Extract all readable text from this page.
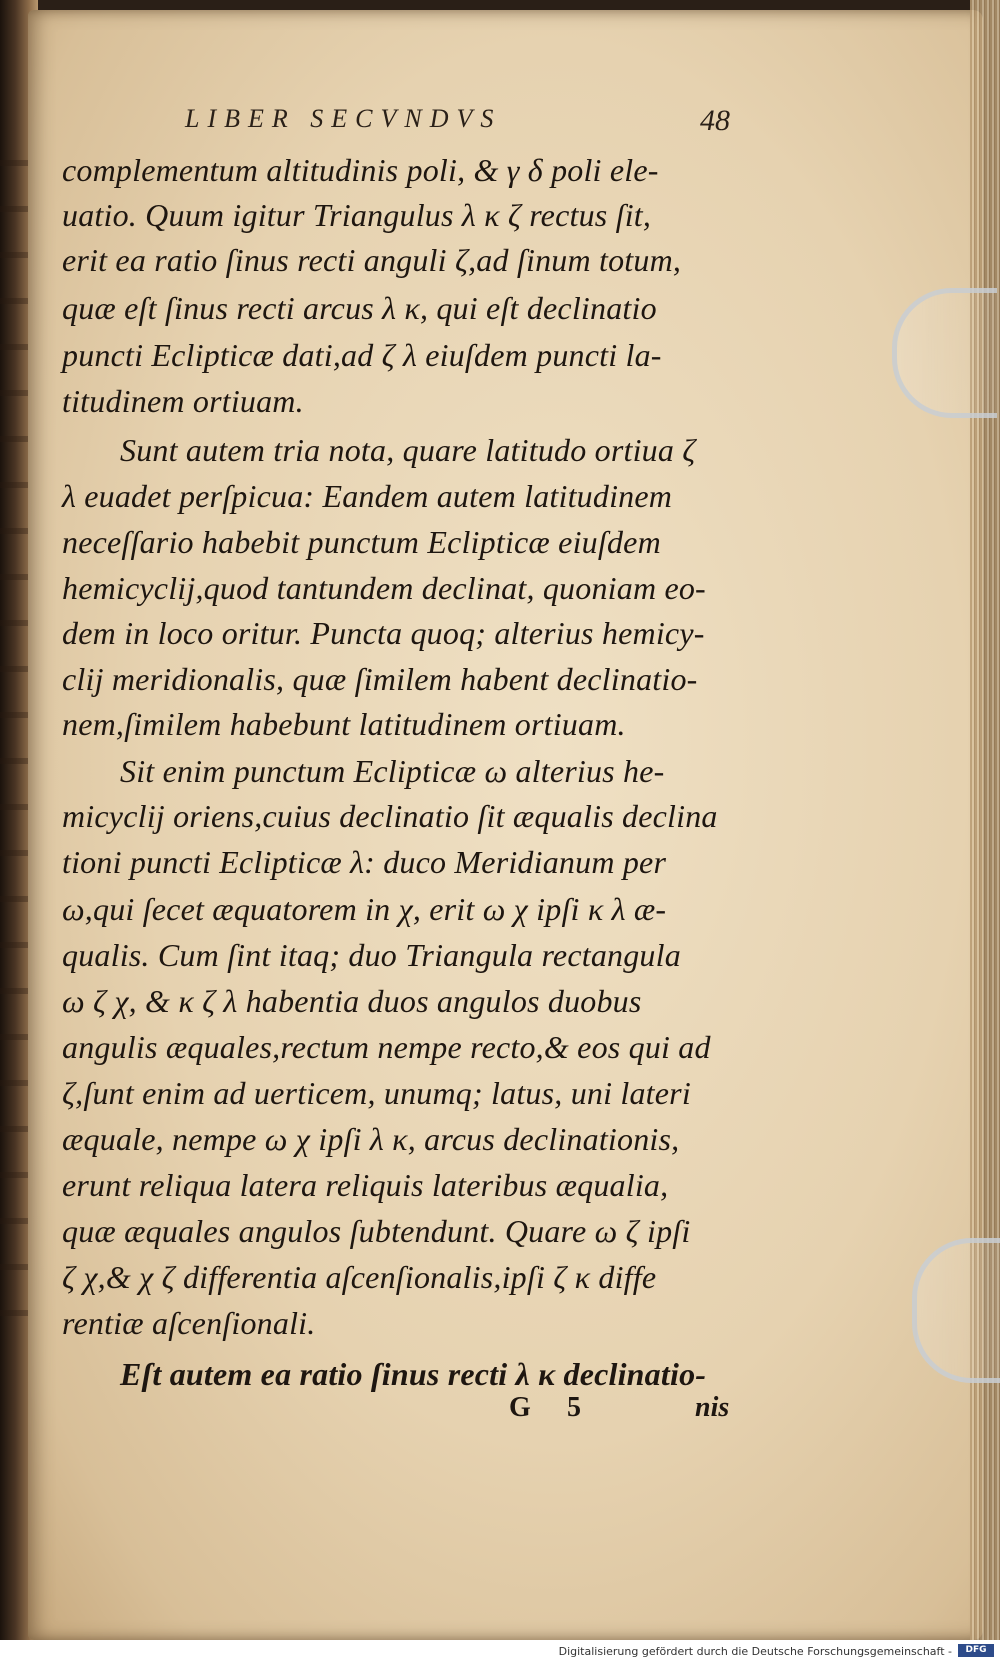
LIBER SECVNDVS	48
complementum altitudinis poli, & γ δ poli ele-
uatio. Quum igitur Triangulus λ κ ζ rectus ſit,
erit ea ratio ſinus recti anguli ζ,ad ſinum totum,
quæ eſt ſinus recti arcus λ κ, qui eſt declinatio
puncti Eclipticæ dati,ad ζ λ eiuſdem puncti la-
titudinem ortiuam.
Sunt autem tria nota, quare latitudo ortiua ζ
λ euadet perſpicua: Eandem autem latitudinem
neceſſario habebit punctum Eclipticæ eiuſdem
hemicyclij,quod tantundem declinat, quoniam eo-
dem in loco oritur. Puncta quoq; alterius hemicy-
clij meridionalis, quæ ſimilem habent declinatio-
nem,ſimilem habebunt latitudinem ortiuam.
Sit enim punctum Eclipticæ ω alterius he-
micyclij oriens,cuius declinatio ſit æqualis declina
tioni puncti Eclipticæ λ: duco Meridianum per
ω,qui ſecet æquatorem in χ, erit ω χ ipſi κ λ æ-
qualis. Cum ſint itaq; duo Triangula rectangula
ω ζ χ, & κ ζ λ habentia duos angulos duobus
angulis æquales,rectum nempe recto,& eos qui ad
ζ,ſunt enim ad uerticem, unumq; latus, uni lateri
æquale, nempe ω χ ipſi λ κ, arcus declinationis,
erunt reliqua latera reliquis lateribus æqualia,
quæ æquales angulos ſubtendunt. Quare ω ζ ipſi
ζ χ,& χ ζ differentia aſcenſionalis,ipſi ζ κ diffe
rentiæ aſcenſionali.
Eſt autem ea ratio ſinus recti λ κ declinatio-
G 5	nis
Digitalisierung gefördert durch die Deutsche Forschungsgemeinschaft -	DFG
